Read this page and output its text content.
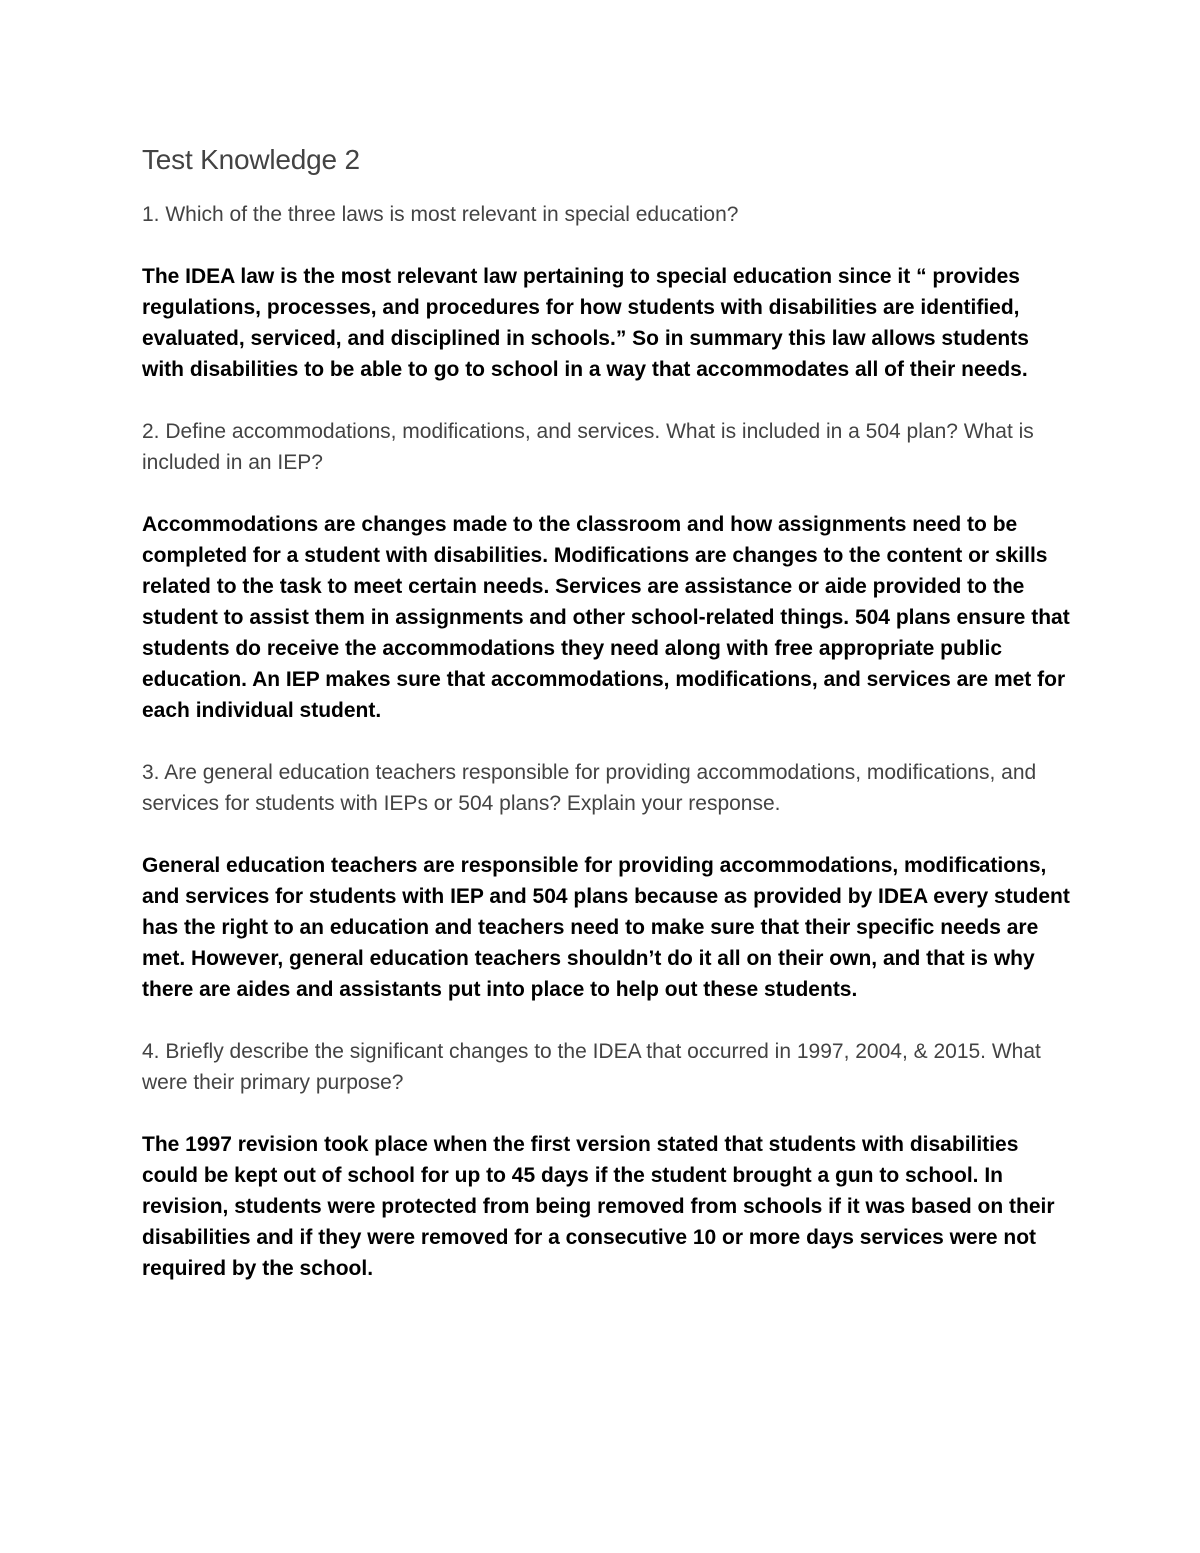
Test Knowledge 2

1. Which of the three laws is most relevant in special education?

The IDEA law is the most relevant law pertaining to special education since it “ provides regulations, processes, and procedures for how students with disabilities are identified, evaluated, serviced, and disciplined in schools.” So in summary this law allows students with disabilities to be able to go to school in a way that accommodates all of their needs.

2. Define accommodations, modifications, and services. What is included in a 504 plan? What is included in an IEP?

Accommodations are changes made to the classroom and how assignments need to be completed for a student with disabilities. Modifications are changes to the content or skills related to the task to meet certain needs. Services are assistance or aide provided to the student to assist them in assignments and other school-related things. 504 plans ensure that students do receive the accommodations they need along with free appropriate public education. An IEP makes sure that accommodations, modifications, and services are met for each individual student.

3. Are general education teachers responsible for providing accommodations, modifications, and services for students with IEPs or 504 plans? Explain your response.

General education teachers are responsible for providing accommodations, modifications, and services for students with IEP and 504 plans because as provided by IDEA every student has the right to an education and teachers need to make sure that their specific needs are met. However, general education teachers shouldn’t do it all on their own, and that is why there are aides and assistants put into place to help out these students.

4. Briefly describe the significant changes to the IDEA that occurred in 1997, 2004, & 2015. What were their primary purpose?

The 1997 revision took place when the first version stated that students with disabilities could be kept out of school for up to 45 days if the student brought a gun to school. In revision, students were protected from being removed from schools if it was based on their disabilities and if they were removed for a consecutive 10 or more days services were not required by the school.
